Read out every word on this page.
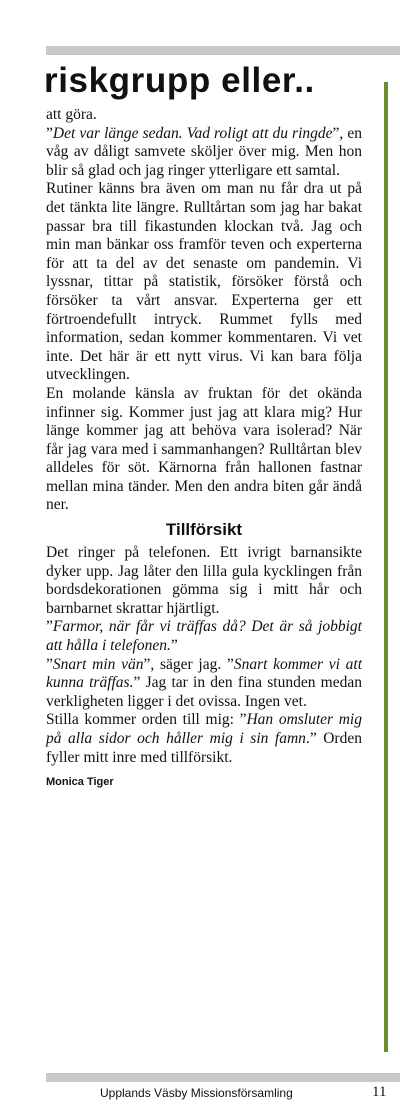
riskgrupp eller..

att göra.

”Det var länge sedan. Vad roligt att du ringde”, en våg av dåligt samvete sköljer över mig. Men hon blir så glad och jag ringer ytterligare ett samtal.

Rutiner känns bra även om man nu får dra ut på det tänkta lite längre. Rulltårtan som jag har bakat passar bra till fikastunden klockan två. Jag och min man bänkar oss framför teven och experterna för att ta del av det senaste om pandemin. Vi lyssnar, tittar på statistik, försöker förstå och försöker ta vårt ansvar. Experterna ger ett förtroendefullt intryck. Rummet fylls med information, sedan kommer kommentaren. Vi vet inte. Det här är ett nytt virus. Vi kan bara följa utvecklingen.

En molande känsla av fruktan för det okända infinner sig. Kommer just jag att klara mig? Hur länge kommer jag att behöva vara isolerad? När får jag vara med i sammanhangen? Rulltårtan blev alldeles för söt. Kärnorna från hallonen fastnar mellan mina tänder. Men den andra biten går ändå ner.

Tillförsikt

Det ringer på telefonen. Ett ivrigt barnansikte dyker upp. Jag låter den lilla gula kycklingen från bordsdekorationen gömma sig i mitt hår och barnbarnet skrattar hjärtligt.

”Farmor, när får vi träffas då? Det är så jobbigt att hålla i telefonen.”

”Snart min vän”, säger jag. ”Snart kommer vi att kunna träffas.” Jag tar in den fina stunden medan verkligheten ligger i det ovissa. Ingen vet.

Stilla kommer orden till mig: ”Han omsluter mig på alla sidor och håller mig i sin famn.” Orden fyller mitt inre med tillförsikt.

Monica Tiger
Upplands Väsby Missionsförsamling	11
